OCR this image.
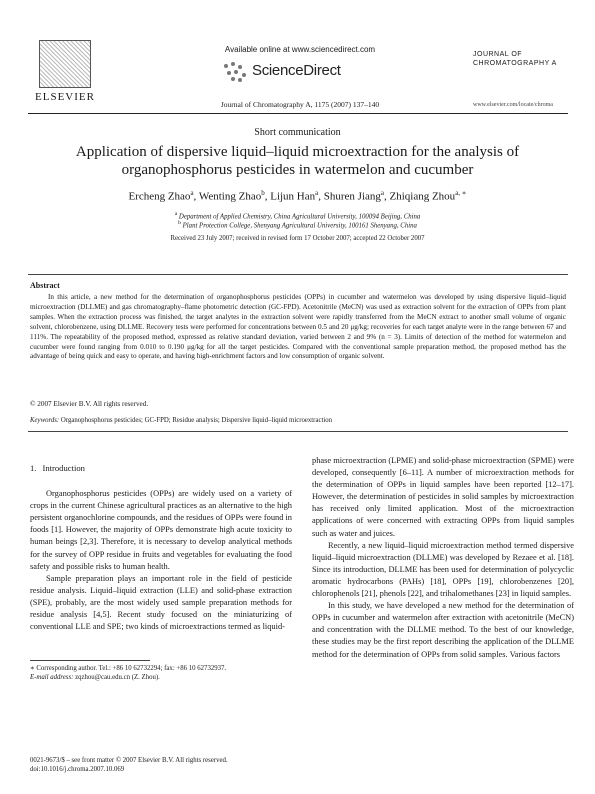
ELSEVIER
Available online at www.sciencedirect.com
ScienceDirect
Journal of Chromatography A, 1175 (2007) 137–140
JOURNAL OF
CHROMATOGRAPHY A
www.elsevier.com/locate/chroma
Short communication
Application of dispersive liquid–liquid microextraction for the analysis of organophosphorus pesticides in watermelon and cucumber
Ercheng Zhao$^a$, Wenting Zhao$^b$, Lijun Han$^a$, Shuren Jiang$^a$, Zhiqiang Zhou$^{a, ∗}$
$^a$ Department of Applied Chemistry, China Agricultural University, 100094 Beijing, China
$^b$ Plant Protection College, Shenyang Agricultural University, 100161 Shenyang, China
Received 23 July 2007; received in revised form 17 October 2007; accepted 22 October 2007
Abstract
In this article, a new method for the determination of organophosphorus pesticides (OPPs) in cucumber and watermelon was developed by using dispersive liquid–liquid microextraction (DLLME) and gas chromatography–flame photometric detection (GC-FPD). Acetonitrile (MeCN) was used as extraction solvent for the extraction of OPPs from plant samples. When the extraction process was finished, the target analytes in the extraction solvent were rapidly transferred from the MeCN extract to another small volume of organic solvent, chlorobenzene, using DLLME. Recovery tests were performed for concentrations between 0.5 and 20 μg/kg; recoveries for each target analyte were in the range between 67 and 111%. The repeatability of the proposed method, expressed as relative standard deviation, varied between 2 and 9% (n = 3). Limits of detection of the method for watermelon and cucumber were found ranging from 0.010 to 0.190 μg/kg for all the target pesticides. Compared with the conventional sample preparation method, the proposed method has the advantage of being quick and easy to operate, and having high-enrichment factors and low consumption of organic solvent.
© 2007 Elsevier B.V. All rights reserved.
Keywords: Organophosphorus pesticides; GC-FPD; Residue analysis; Dispersive liquid–liquid microextraction
1. Introduction

Organophosphorus pesticides (OPPs) are widely used on a variety of crops in the current Chinese agricultural practices as an alternative to the high persistent organochlorine compounds, and the residues of OPPs were found in foods [1]. However, the majority of OPPs demonstrate high acute toxicity to human beings [2,3]. Therefore, it is necessary to develop analytical methods for the survey of OPP residue in fruits and vegetables for evaluating the food safety and possible risks to human health.

Sample preparation plays an important role in the field of pesticide residue analysis. Liquid–liquid extraction (LLE) and solid-phase extraction (SPE), probably, are the most widely used sample preparation methods for residue analysis [4,5]. Recent study focused on the miniaturizing of conventional LLE and SPE; two kinds of microextractions termed as liquid-

phase microextraction (LPME) and solid-phase microextraction (SPME) were developed, consequently [6–11]. A number of microextraction methods for the determination of OPPs in liquid samples have been reported [12–17]. However, the determination of pesticides in solid samples by microextraction has received only limited application. Most of the microextraction applications of were concerned with extracting OPPs from liquid samples such as water and juices.

Recently, a new liquid–liquid microextraction method termed dispersive liquid–liquid microextraction (DLLME) was developed by Rezaee et al. [18]. Since its introduction, DLLME has been used for determination of polycyclic aromatic hydrocarbons (PAHs) [18], OPPs [19], chlorobenzenes [20], chlorophenols [21], phenols [22], and trihalomethanes [23] in liquid samples.

In this study, we have developed a new method for the determination of OPPs in cucumber and watermelon after extraction with acetonitrile (MeCN) and concentration with the DLLME method. To the best of our knowledge, these studies may be the first report describing the application of the DLLME method for the determination of OPPs from solid samples. Various factors

∗ Corresponding author. Tel.: +86 10 62732294; fax: +86 10 62732937.
E-mail address: zqzhou@cau.edu.cn (Z. Zhou).
0021-9673/$ – see front matter © 2007 Elsevier B.V. All rights reserved.
doi:10.1016/j.chroma.2007.10.069
